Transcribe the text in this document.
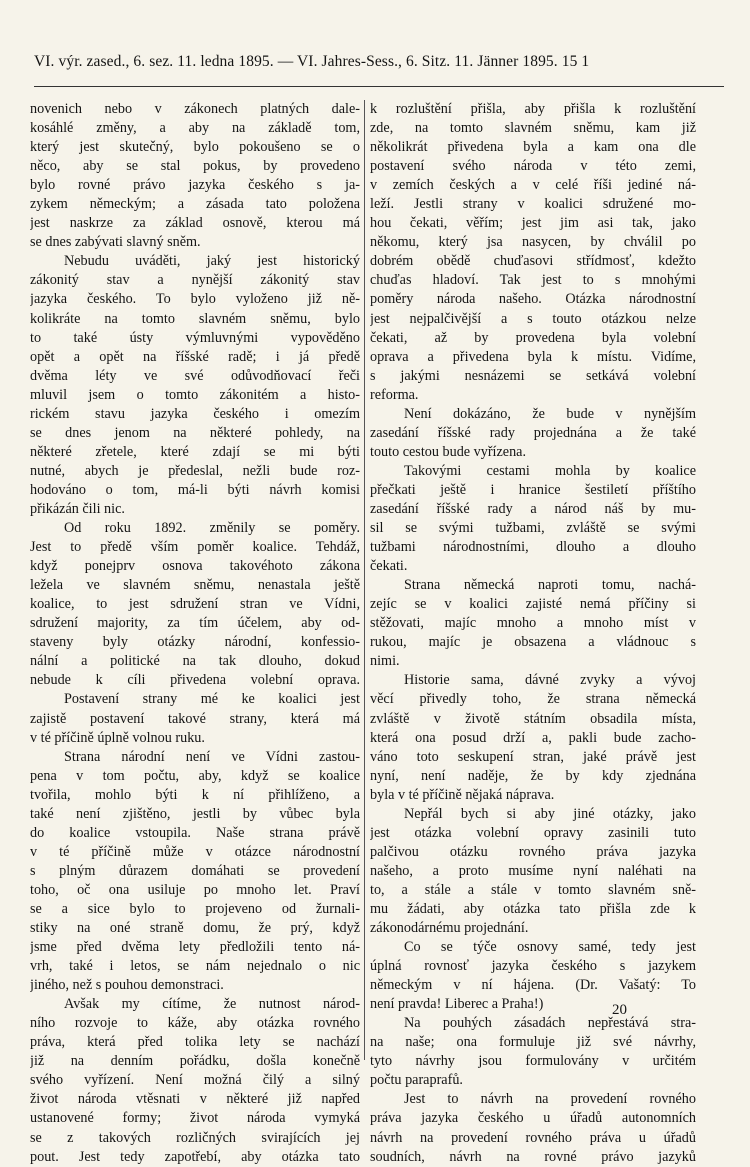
VI. výr. zased., 6. sez. 11. ledna 1895. — VI. Jahres-Sess., 6. Sitz. 11. Jänner 1895. 15 1
novenich nebo v zákonech platných dale-
kosáhlé změny, a aby na základě tom,
který jest skutečný, bylo pokoušeno se o
něco, aby se stal pokus, by provedeno
bylo rovné právo jazyka českého s ja-
zykem německým; a zásada tato položena
jest naskrze za základ osnově, kterou má
se dnes zabývati slavný sněm.
Nebudu uváděti, jaký jest historický
zákonitý stav a nynější zákonitý stav
jazyka českého. To bylo vyloženo již ně-
kolikráte na tomto slavném sněmu, bylo
to také ústy výmluvnými vypověděno
opět a opět na říšské radě; i já předě
dvěma léty ve své odůvodňovací řeči
mluvil jsem o tomto zákonitém a histo-
rickém stavu jazyka českého i omezím
se dnes jenom na některé pohledy, na
některé zřetele, které zdají se mi býti
nutné, abych je předeslal, nežli bude roz-
hodováno o tom, má-li býti návrh komisi
přikázán čili nic.
Od roku 1892. změnily se poměry.
Jest to předě vším poměr koalice. Tehdáž,
když ponejprv osnova takovéhoto zákona
ležela ve slavném sněmu, nenastala ještě
koalice, to jest sdružení stran ve Vídni,
sdružení majority, za tím účelem, aby od-
staveny byly otázky národní, konfessio-
nální a politické na tak dlouho, dokud
nebude k cíli přivedena volební oprava.
Postavení strany mé ke koalici jest
zajistě postavení takové strany, která má
v té příčině úplně volnou ruku.
Strana národní není ve Vídni zastou-
pena v tom počtu, aby, když se koalice
tvořila, mohlo býti k ní přihlíženo, a
také není zjištěno, jestli by vůbec byla
do koalice vstoupila. Naše strana právě
v té příčině může v otázce národnostní
s plným důrazem domáhati se provedení
toho, oč ona usiluje po mnoho let. Praví
se a sice bylo to projeveno od žurnali-
stiky na oné straně domu, že prý, když
jsme před dvěma lety předložili tento ná-
vrh, také i letos, se nám nejednalo o nic
jiného, než s pouhou demonstraci.
Avšak my cítíme, že nutnost národ-
ního rozvoje to káže, aby otázka rovného
práva, která před tolika lety se nachází
již na denním pořádku, došla konečně
svého vyřízení. Není možná čilý a silný
život národa vtěsnati v některé již napřed
ustanovené formy; život národa vymyká
se z takových rozličných svirajících jej
pout. Jest tedy zapotřebí, aby otázka tato
k rozluštění přišla, aby přišla k rozluštění
zde, na tomto slavném sněmu, kam již
několikrát přivedena byla a kam ona dle
postavení svého národa v této zemi,
v zemích českých a v celé říši jediné ná-
leží. Jestli strany v koalici sdružené mo-
hou čekati, věřím; jest jim asi tak, jako
někomu, který jsa nasycen, by chválil po
dobrém obědě chuďasovi střídmosť, kdežto
chuďas hladoví. Tak jest to s mnohými
poměry národa našeho. Otázka národnostní
jest nejpalčivější a s touto otázkou nelze
čekati, až by provedena byla volební
oprava a přivedena byla k místu. Vidíme,
s jakými nesnázemi se setkává volební
reforma.
Není dokázáno, že bude v nynějším
zasedání říšské rady projednána a že také
touto cestou bude vyřízena.
Takovými cestami mohla by koalice
přečkati ještě i hranice šestiletí příštího
zasedání říšské rady a národ náš by mu-
sil se svými tužbami, zvláště se svými
tužbami národnostními, dlouho a dlouho
čekati.
Strana německá naproti tomu, nachá-
zejíc se v koalici zajisté nemá příčiny si
stěžovati, majíc mnoho a mnoho míst v
rukou, majíc je obsazena a vládnouc s
nimi.
Historie sama, dávné zvyky a vývoj
věcí přivedly toho, že strana německá
zvláště v životě státním obsadila místa,
která ona posud drží a, pakli bude zacho-
váno toto seskupení stran, jaké právě jest
nyní, není naděje, že by kdy zjednána
byla v té příčině nějaká náprava.
Nepřál bych si aby jiné otázky, jako
jest otázka volební opravy zasinili tuto
palčivou otázku rovného práva jazyka
našeho, a proto musíme nyní naléhati na
to, a stále a stále v tomto slavném sně-
mu žádati, aby otázka tato přišla zde k
zákonodárnému projednání.
Co se týče osnovy samé, tedy jest
úplná rovnosť jazyka českého s jazykem
německým v ní hájena. (Dr. Vašatý: To
není pravda! Liberec a Praha!)
Na pouhých zásadách nepřestává stra-
na naše; ona formuluje již své návrhy,
tyto návrhy jsou formulovány v určitém
počtu paraprafů.
Jest to návrh na provedení rovného
práva jazyka českého u úřadů autonomních
návrh na provedení rovného práva u úřadů
soudních, návrh na rovné právo jazyků
20
